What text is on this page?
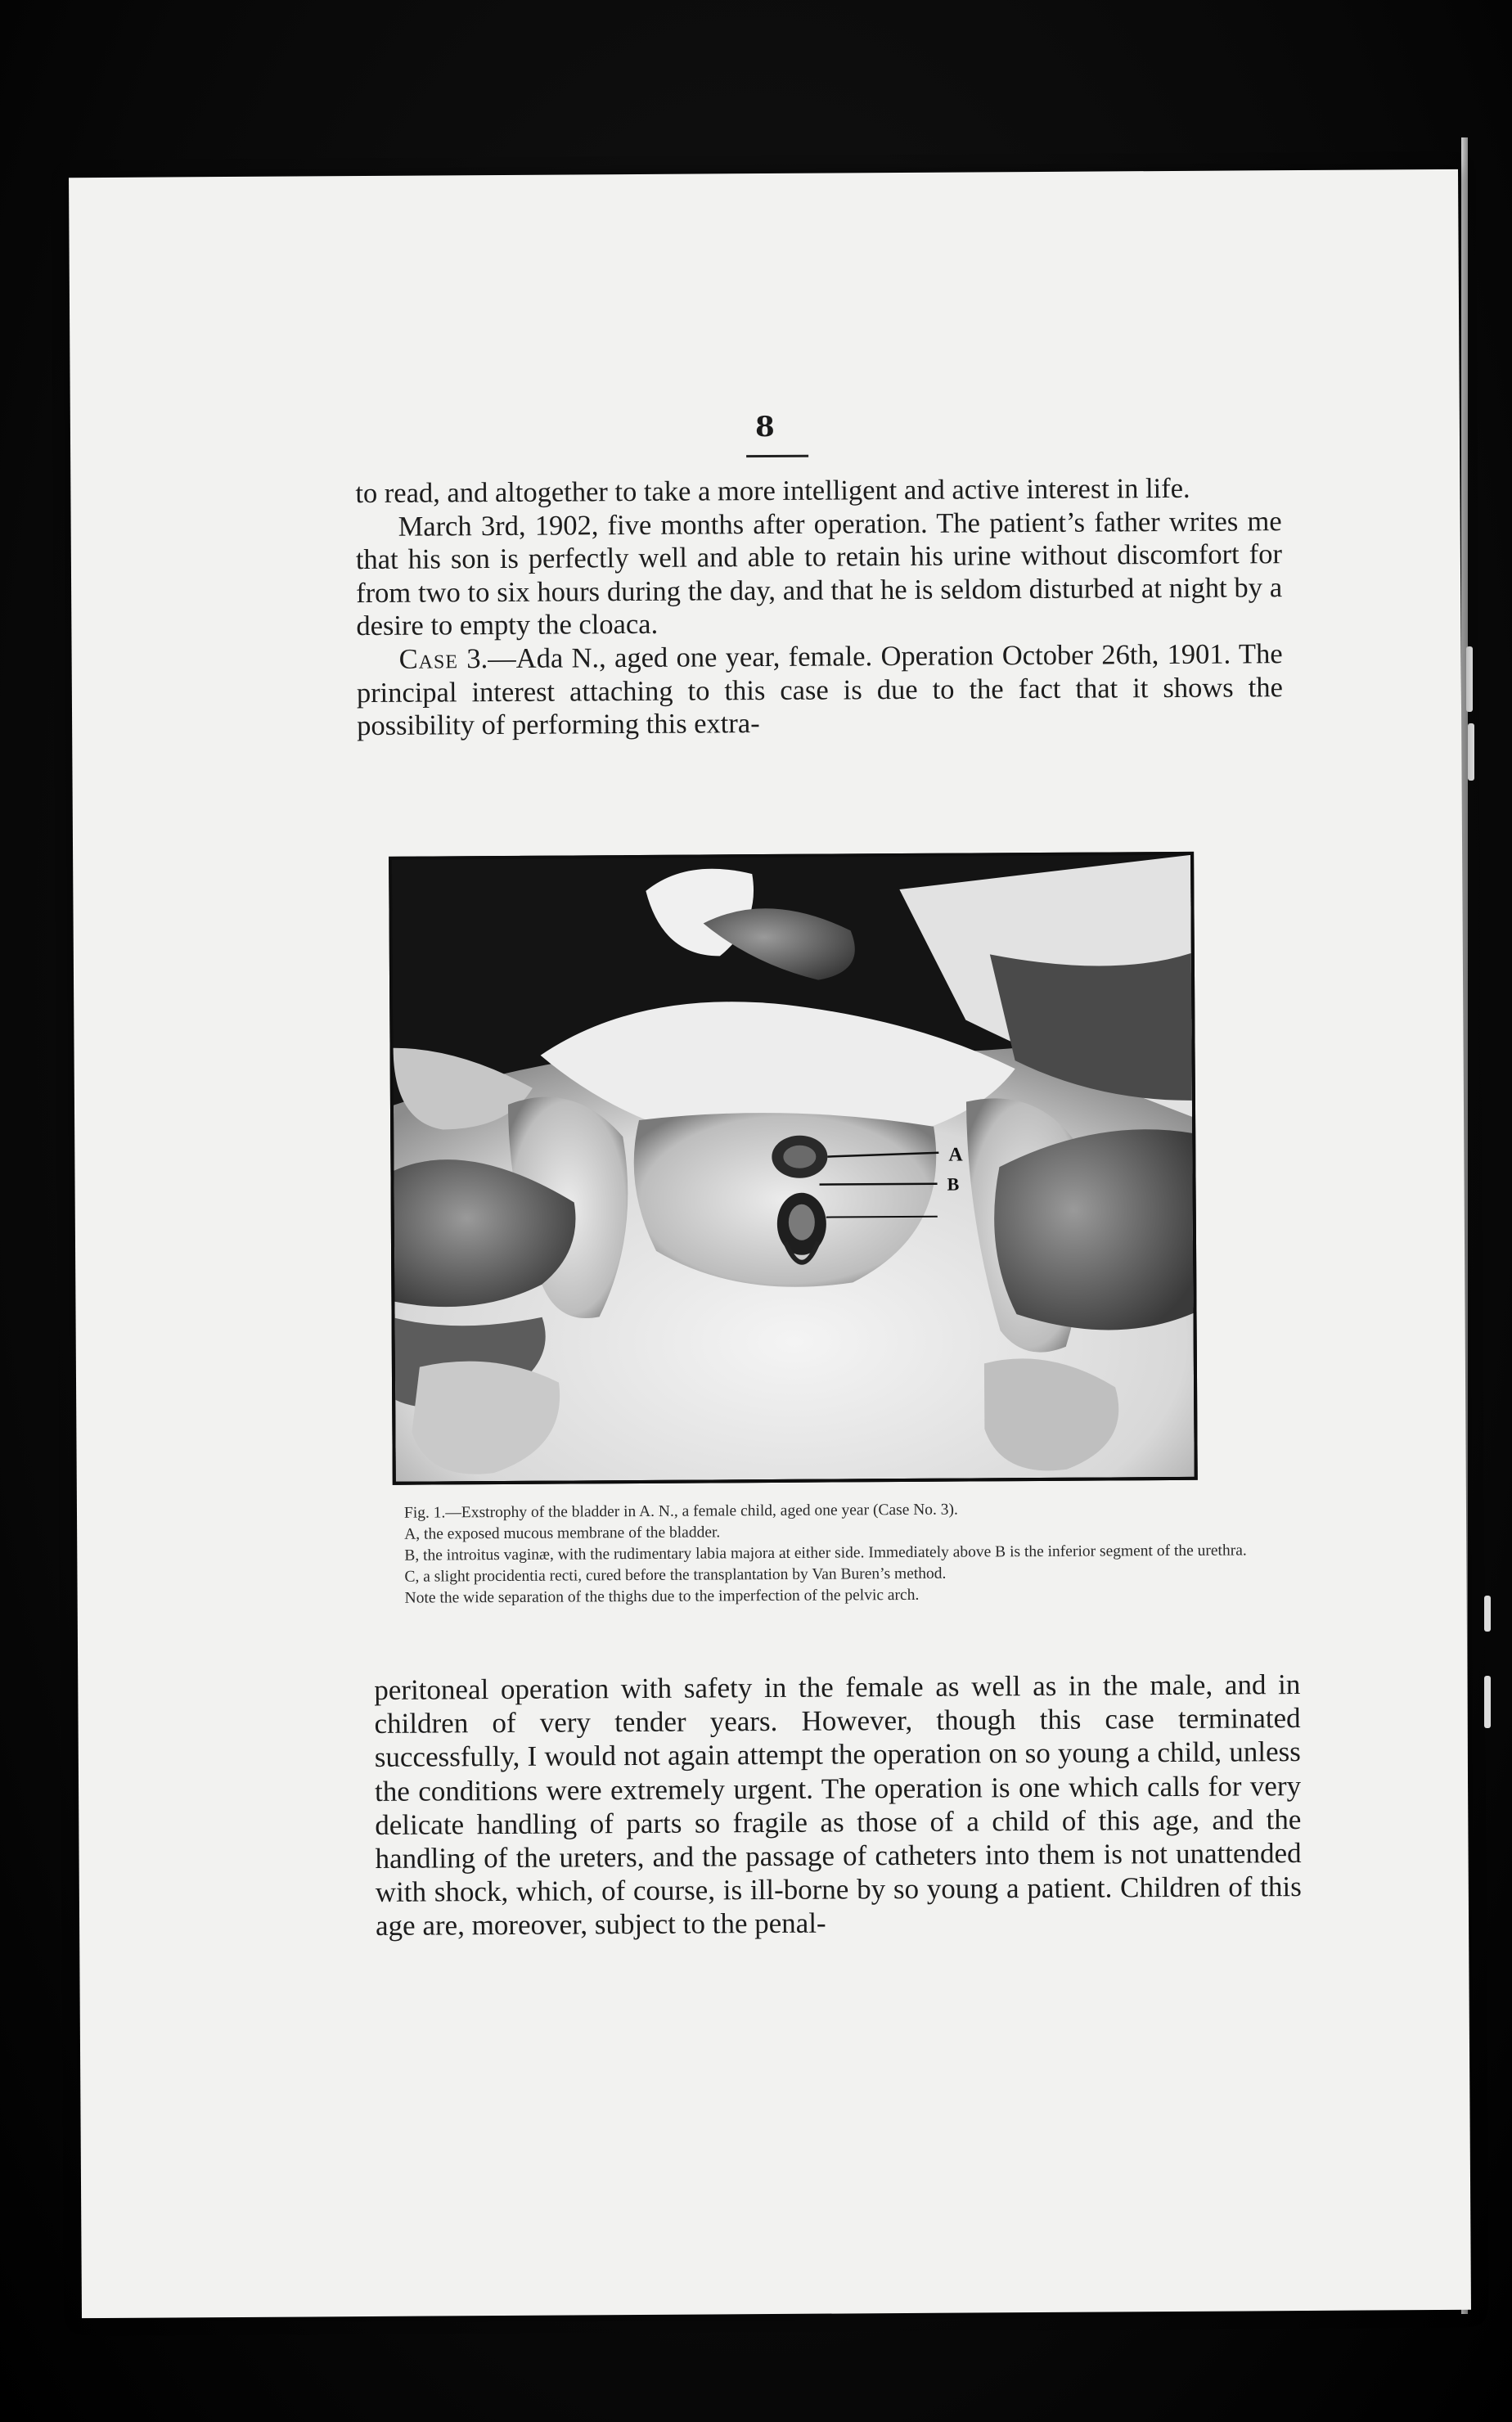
8

to read, and altogether to take a more intelligent and active interest in life.

March 3rd, 1902, five months after operation. The patient’s father writes me that his son is perfectly well and able to retain his urine without discomfort for from two to six hours during the day, and that he is seldom disturbed at night by a desire to empty the cloaca.

Case 3.—Ada N., aged one year, female. Operation October 26th, 1901. The principal interest attaching to this case is due to the fact that it shows the possibility of performing this extra-

A
B

Fig. 1.—Exstrophy of the bladder in A. N., a female child, aged one year (Case No. 3).

A, the exposed mucous membrane of the bladder.

B, the introitus vaginæ, with the rudimentary labia majora at either side. Immediately above B is the inferior segment of the urethra.

C, a slight procidentia recti, cured before the transplantation by Van Buren’s method.

Note the wide separation of the thighs due to the imperfection of the pelvic arch.

peritoneal operation with safety in the female as well as in the male, and in children of very tender years. However, though this case terminated successfully, I would not again attempt the operation on so young a child, unless the conditions were extremely urgent. The operation is one which calls for very delicate handling of parts so fragile as those of a child of this age, and the handling of the ureters, and the passage of catheters into them is not unattended with shock, which, of course, is ill-borne by so young a patient. Children of this age are, moreover, subject to the penal-
